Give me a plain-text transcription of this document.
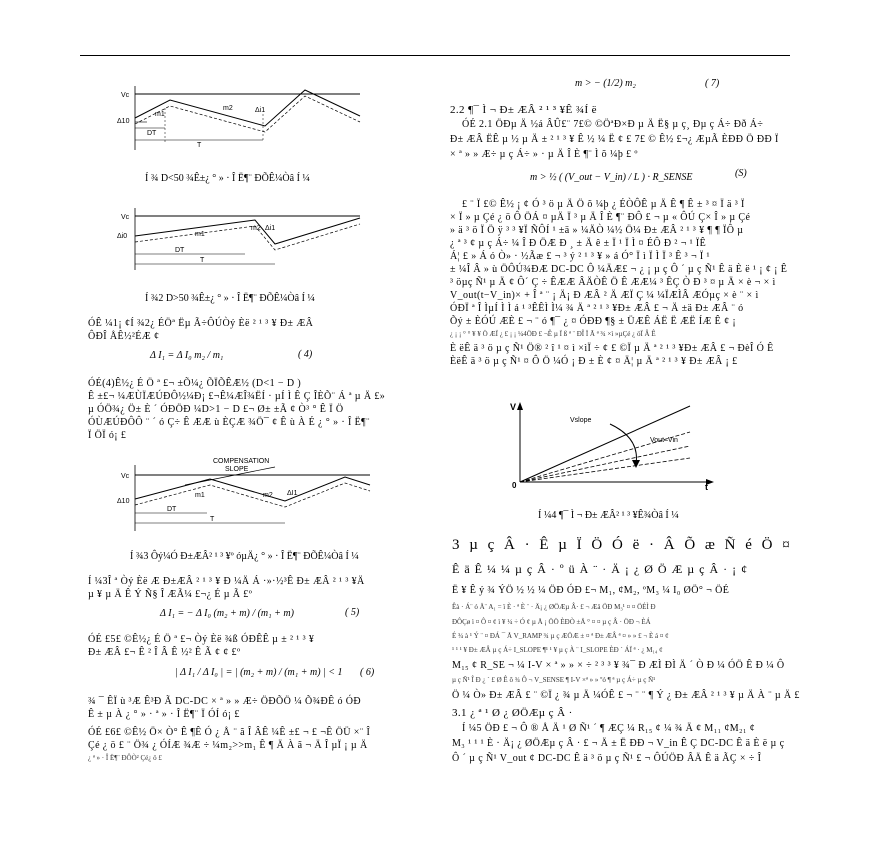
Vc
Δ10
m1
m2	Δi1
DT
T
Í ¾ D<50 ¾Ê±¿ ° » · Î Ë¶¨ ÐÕÊ¼Òâ Í ¼
Vc
Δi0	m1
m2 Δi1
DT
T
Í ¾2 D>50 ¾Ê±¿ ° » · Î Ë¶¨ ÐÕÊ¼Òâ Í ¼
ÓÊ ¼1¡ ¢Í ¾2¿ ÉÖª Ëµ Ã÷ÔÚÒý Èë ² ¹ ³ ¥ Ð± ÆÂ
ÔÐÎ ÅÊ½²ÉÆ ¢
Δ I₁ = Δ I₀ m₂ / m₁	( 4)
ÓÉ(4)Ê½¿ É Ö ª £¬ ±Õ¼¿ ÕÏÕÊÆ½ (D<1 − D )
Ê ±£¬ ¼ÆÙÏÆÚÐÔ½¼Ð¡ £¬Ê¼ÆÎ¾ËÍ · µÍ Ì Ê Ç ÎÈÕ¨ Á ª µ Ä £»
µ ÓÖ¾¿ Ö± È ´ ÓÐÖÐ ¼D>1 − D £¬ Ø± ±Ã ¢ Ò³ ° Ê Ï Ö
ÓÙÆÚÐÔÔ ¨ ´ ó Ç÷ Ê ÆÆ ù ÈÇÆ ¾Ö¯ ¢ Ê ù À É ¿ ° » · Î Ë¶¨
Ï ÖÏ ó¡ £
Vc
COMPENSATION
SLOPE
Δ10
m1	m2 ΔI1
DT
T
Í ¾3 Ôý¼Ó Ð±ÆÂ² ¹ ³ ¥º óµÄ¿ ° » · Î Ë¶¨ ÐÕÊ¼Òâ Í ¼
Í ¼3Î ª Òý Èë Æ Ð±ÆÂ ² ¹ ³ ¥ Ð ¼Ä Á ·»·½³Ê Ð± ÆÂ ² ¹ ³ ¥Ä
µ ¥ µ Ä Ê Ý Ñ§ Î ÆÃ¼ £¬¿ É µ Ã £º
Δ I₁ = − Δ I₀ (m₂ + m) / (m₁ + m)	( 5)
ÓÉ £5£ ©Ê½¿ É Ö ª £¬ Òý Èë ¾ß ÓÐÊÊ µ ± ² ¹ ³ ¥
Ð± ÆÂ £¬ Ê ² Î Â Ê ½² Ê Ã ¢ ¢ £º
| Δ I₁ / Δ I₀ | = | (m₂ + m) / (m₁ + m) | < 1 ( 6)
¾ ¯ ÊÏ ù ³Æ Ê³Ð Ã DC-DC × ª » » Æ÷ ÖÐÕÖ ¼ Õ¾ÐÊ ó ÓÐ
Ê ± µ À ¿ ° » · ª » · Î Ë¶¨ Ï ÓÍ ó¡ £
ÓÉ £6£ ©Ê½ Ö× Ò° Ê ¶Ê Ó ¿ Å ¨ ã Î ÂÊ ¼Ê ±£ ¬ £ ¬Ê ÖÜ ×¨ Î
Çé ¿ ö £ ¨ Ö¾ ¿ ÓÍÆ ¾Æ ÷ ¼m₂>>m₁ Ê ¶ Ä À ã ¬ Ä Î µÏ ¡ µ Ä
¿ ª » · Î Ë¶¨ ÐÔÒ² Çé¿ ö £
m > − (1/2) m₂	( 7)
2.2 ¶¯ Ì ¬ Ð± ÆÂ ² ¹ ³ ¥Ê ¾Í ë
ÓÉ 2.1 ÖÐµ Ä ½á ÂÛ£¨ 7£© ©ÖªÐ×Ð µ Ä Ë§ µ ç¸ Ðµ ç Á÷ Ðð Á÷
Ð± ÆÂ ËÊ µ ½ µ Ä ± ² ¹ ³ ¥ Ê ½ ¼ Ë ¢ £ 7£ © Ê½ £¬¿ ÆµÃ ÈÐÐ Ö ÐÐ Ï
× ª » » Æ÷ µ ç Á÷ » · µ Ä Î È ¶¨ Ì õ ¼þ £ º
m > ½ ( (V_out − V_in) / L ) · R_SENSE	(S)
£ ¨ Ï £© Ê½ ¡ ¢ Ó ³ ö µ Ä Ö õ ¼þ ¿ ÉÒÔÊ µ Ä Ê ¶ Ê ± ³ ¤ Ï ä ³ Ï
× Ï » µ Çé ¿ ö Ô ÖÁ ¤ µÄ Ï ³ µ Ä Î È ¶¨ ÐÔ £ ¬ µ « ÔÚ Ç× Î » µ Çé
» ä ³ ö Ï Ö ÿ ³ ³ ¥Ï ÑÔÍ ¹ ±ä » ¼ÄÒ ¼½ Ö¼ Ð± ÆÂ ² ¹ ³ ¥ ¶ ¶ ÏÔ µ
¿ ª ³ ¢ µ ç Á÷ ¼ Î Ð ÖÆ Ð ¸ ± Ä ê ± Ï ¹ Ï Ì ¤ ÉÔ Ð ² ¬ ¹ ÏÊ
Á¦ £ » Á ó Ò» · ½Ãæ £ ¬ ³ ý ² ¹ ³ ¥ » á Ó° Ï ì Ï Ì Ï ³ Ê ³ ¬ Ï ¹
± ¼Î Â » ù ÖÔÚ¾ÐÆ DC-DC Ô ¼ÄÆ£ ¬ ¿ ¡ µ ç Ô ´ µ ç Ñ¹ Ê ä È ë ¹ ¡ ¢ ¡ Ê
³ öµç Ñ¹ µ Ä ¢ Ô´ Ç ÷ ÊÆÆ ÂÄÒÊ Ö Ê ÆÆ¼ ³ ÊÇ Ò Ð ³ ¤ µ Ä × è ¬ × ì
V_out(t−V_in)× + Î ª ¨ ¡ Ä¡ Ð ÆÂ ² Ä ÆÏ Ç ¼ ¼ÏÆÌÂ ÆÓµç × è ¨ × ì
ÓÐÏ ª Î ÌµÍ Ì Ì á ¹ ³ÊÊÌ Ì¼ ¾ Ä ª ² ¹ ³ ¥Ð± ÆÂ £ ¬ Ä ±ä Ð± ÆÂ ¨ ó
Õý ± ÈÓÚ ÆÈ £ ¬ ¨ ó ¶¯ ¿ ¤ ÓÐÐ ¶§ ± ÜÆÊ ÁË Ë ÆË ÍÆ Ê ¢ ¡
¿ ¡ ¡ ° ° ¥ ¥ Ö ÆÏ ¿ £ ¡ ¡ ¼4ÖÐ £ ¬Ê µ Ï ß ª ¨ ÐÎ Ï Ã ª ¾ ×ì »µÇé ¿ öÏ Â Ê
È ëÊ ä ³ ö µ ç Ñ¹ Ö® ² î ¹ ¤ ì ×ìÏ ÷ ¢ £ ©Ï µ Ä ª ² ¹ ³ ¥Ð± ÆÂ £ ¬ ÐèÎ Ó Ê
ÈëÊ ä ³ ö µ ç Ñ¹ ¤ Ô Ö ¼Ó ¡ Ð ± È ¢ ¤ Ä¦ µ Ä ª ² ¹ ³ ¥ Ð± ÆÂ ¡ £
V
Vslope
Vout–Vin
0	t
Í ¼4 ¶¯ Ì ¬ Ð± ÆÂ² ¹ ³ ¥Ê¾Òâ Í ¼
3 µ ç Â · Ê µ Ï Ö Ó ë · Â Õ æ Ñ é Ö ¤
Ê ä Ê ¼ ¼ µ ç Â · º ü À ¨ · Ä ¡ ¿ Ø Ö Æ µ ç Â · ¡ ¢
Ë ¥ Ê ý ¾ ÝÖ ½ ½ ¼ ÖÐ ÓÐ £¬ M₁, ¢M₂, ºM₃ ¼ I₀ ØÖ° ¬ ÖÉ
Êà · Á¨ ó Ä¨ A₁ = ï È · ª È ¨ · Ä¡ ¿ ØÖÆµ Â· £ ¬ Æä ÖÐ M₃¹ ¤ ¤ ÖÉÌ Ð
ÐÔÇø ì ¤ Ô ¤ ¢ ì ¥ ¼ ÷ Ó ¢ µ Å ¡ ÖÖ ÈÐÒ ±Ä ° ¤ ¤ µ ç Â · ÖÐ ¬ ÈÁ
É ¾ à ¹ Ý ¨ ¤ ÐÁ ¯ Å V_RAMP ¾ µ ç ÆÖÆ ± ¤ ª Ð± ÆÂ ª ¤ » » £ ¬ È á ¤ ¢
¹ ¹ ¹ ¥ Ð± ÆÂ µ ç Á÷ I_SLOPE ¶¹ ¹ ¥ µ ç À ¨ I_SLOPE ÈÐ ´ ÁÏ ª · ¿ M₁₄ ¢
M₁₅ ¢ R_SE ¬ ¼ I-V × ª » » × ÷ ² ³ ³ ¥ ¾¯ Ð ÆÌ ÐÌ Ä ´ Ò Ð ¼ ÓÖ Ê Ð ¼ Ô
µ ç Ñ¹ Î Ð ¿ ´ £ Ø Ê õ ¾ Ô ¬ V_SENSE ¶ I-V ×ª » » ºó ¶ ª µ ç Á÷ µ ç Ñ¹
Ö ¼ Ò» Ð± ÆÂ £ ¨ ©Ï ¿ ¾ µ Ä ¼ÓÊ £ ¬ ¨ ¨ ¶ Ý ¿ Ð± ÆÂ ² ¹ ³ ¥ µ Ä À ¨ µ Ä £
3.1 ¿ ª ¹ Ø ¿ ØÖÆµ ç Â ·
Í ¼5 ÖÐ £ ¬ Ô ® Å Ä ¹ Ø Ñ¹ ´ ¶ ÆÇ ¼ R₁₅ ¢ ¼ ¾ Ä ¢ M₁₁ ¢M₂₁ ¢
M₃ ¹ ¹ ¹ È · Ä¡ ¿ ØÖÆµ ç Â · £ ¬ Ä ± Ë ÐÐ ¬ V_in Ê Ç DC-DC Ê ä È ë µ ç
Ô ´ µ ç Ñ¹ V_out ¢ DC-DC Ê ä ³ ö µ ç Ñ¹ £ ¬ ÔÚÖÐ ÂÄ Ê ä ÃÇ × ÷ Î
